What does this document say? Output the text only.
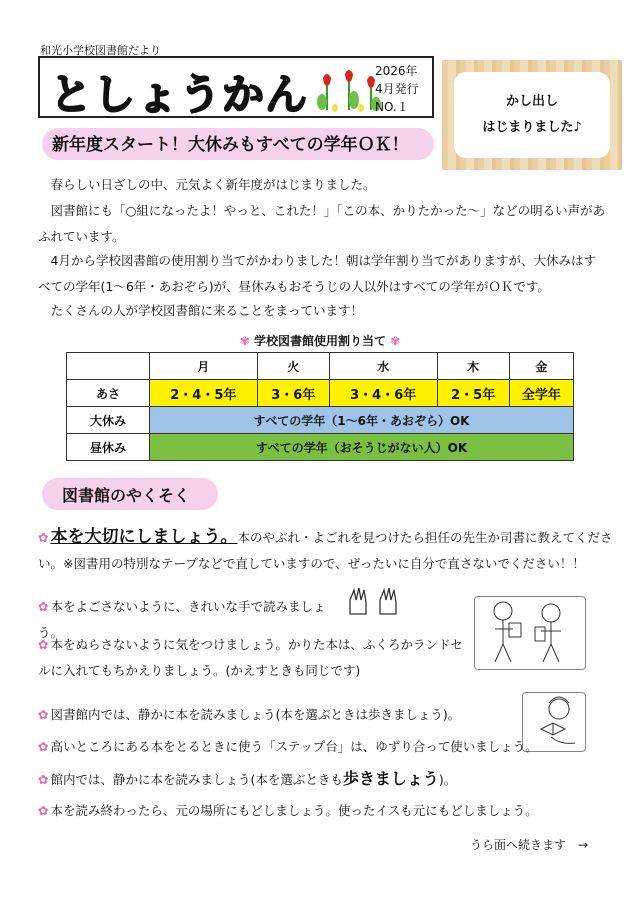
和光小学校図書館だより
としょうかん	2026年
4月発行
NO.１	かし出し
はじまりました♪
新年度スタート！大休みもすべての学年ＯＫ！
　春らしい日ざしの中、元気よく新年度がはじまりました。
　図書館にも「○組になったよ！やっと、これた！」「この本、かりたかった～」などの明るい声があふれています。
　4月から学校図書館の使用割り当てがかわりました！朝は学年割り当てがありますが、大休みはすべての学年(1～6年・あおぞら)が、昼休みもおそうじの人以外はすべての学年がＯＫです。
　たくさんの人が学校図書館に来ることをまっています！
✾ 学校図書館使用割り当て ✾
	月	火	水	木	金
あさ	2・4・5年	3・6年	3・4・6年	2・5年	全学年
大休み	すべての学年（1～6年・あおぞら）OK				
昼休み	すべての学年（おそうじがない人）OK				
図書館のやくそく
✿ 本を大切にしましょう。本のやぶれ・よごれを見つけたら担任の先生か司書に教えてください。※図書用の特別なテープなどで直していますので、ぜったいに自分で直さないでください！！
✿ 本をよごさないように、きれいな手で読みましょう。
✿ 本をぬらさないように気をつけましょう。かりた本は、ふくろかランドセルに入れてもちかえりましょう。(かえすときも同じです)
✿ 図書館内では、静かに本を読みましょう(本を選ぶときは歩きましょう)。
✿ 高いところにある本をとるときに使う「ステップ台」は、ゆずり合って使いましょう。
✿ 館内では、静かに本を読みましょう(本を選ぶときも歩きましょう)。
✿ 本を読み終わったら、元の場所にもどしましょう。使ったイスも元にもどしましょう。
うら面へ続きます　→
